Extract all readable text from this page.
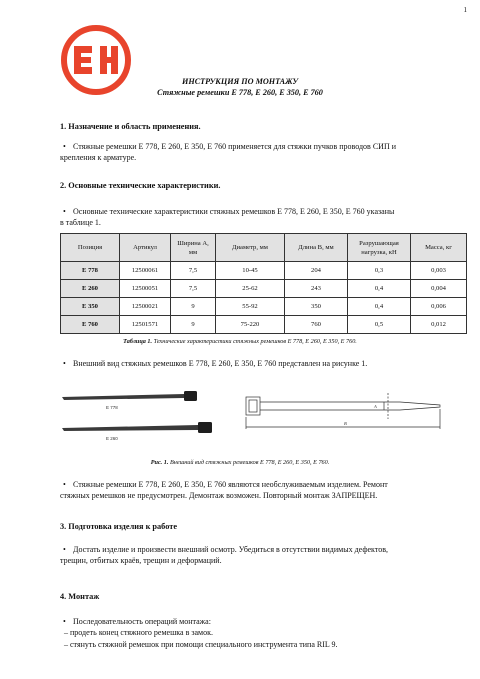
1
ИНСТРУКЦИЯ ПО МОНТАЖУ
Стяжные ремешки Е 778, Е 260, Е 350, Е 760
1. Назначение и область применения.
• Стяжные ремешки Е 778, Е 260, Е 350, Е 760 применяется для стяжки пучков проводов СИП и
крепления к арматуре.
2. Основные технические характеристики.
• Основные технические характеристики стяжных ремешков Е 778, Е 260, Е 350, Е 760 указаны
в таблице 1.
Позиция	Артикул	Ширина А, мм	Диаметр, мм	Длина В, мм	Разрушающая нагрузка, кН	Масса, кг
Е 778	12500061	7,5	10-45	204	0,3	0,003
Е 260	12500051	7,5	25-62	243	0,4	0,004
Е 350	12500021	9	55-92	350	0,4	0,006
Е 760	12501571	9	75-220	760	0,5	0,012
Таблица 1. Технические характеристики стяжных ремешков Е 778, Е 260, Е 350, Е 760.
• Внешний вид стяжных ремешков Е 778, Е 260, Е 350, Е 760 представлен на рисунке 1.
E 778
E 260
A
B
Рис. 1. Внешний вид стяжных ремешков Е 778, Е 260, Е 350, Е 760.
• Стяжные ремешки Е 778, Е 260, Е 350, Е 760 являются необслуживаемым изделием. Ремонт
стяжных ремешков не предусмотрен. Демонтаж возможен. Повторный монтаж ЗАПРЕЩЕН.
3. Подготовка изделия к работе
• Достать изделие и произвести внешний осмотр. Убедиться в отсутствии видимых дефектов,
трещин, отбитых краёв, трещин и деформаций.
4. Монтаж
• Последовательность операций монтажа:
– продеть конец стяжного ремешка в замок.
– стянуть стяжной ремешок при помощи специального инструмента типа RIL 9.
